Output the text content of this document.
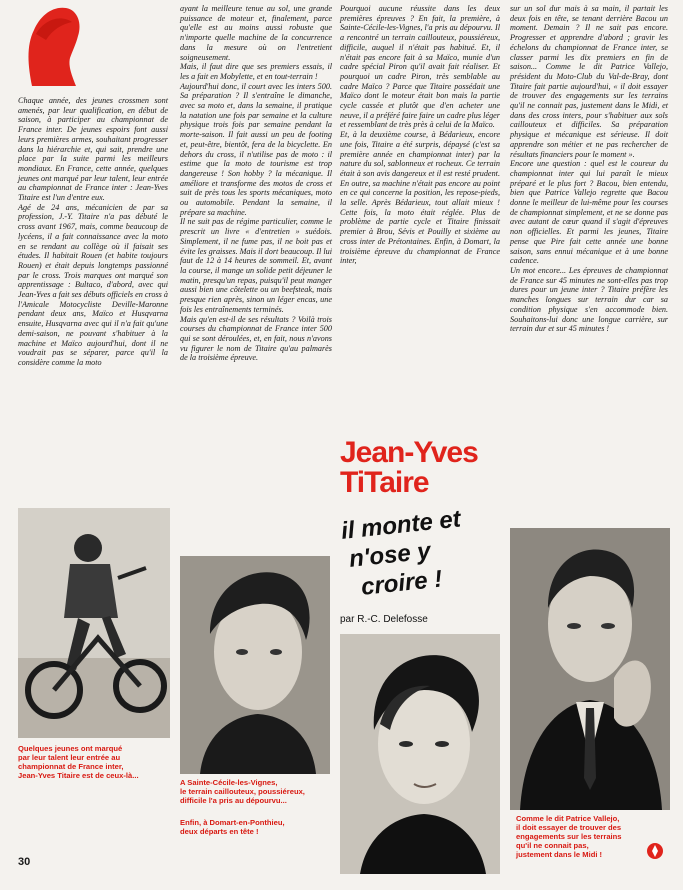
Chaque année, des jeunes crossmen sont amenés, par leur qualification, en début de saison, à participer au championnat de France inter. De jeunes espoirs font aussi leurs premières armes, souhaitant progresser dans la hiérarchie et, qui sait, prendre une place par la suite parmi les meilleurs mondiaux. En France, cette année, quelques jeunes ont marqué par leur talent, leur entrée au championnat de France inter : Jean-Yves Titaire est l'un d'entre eux.
Agé de 24 ans, mécanicien de par sa profession, J.-Y. Titaire n'a pas débuté le cross avant 1967, mais, comme beaucoup de lycéens, il a fait connaissance avec la moto en se rendant au collège où il faisait ses études. Il habitait Rouen (et habite toujours Rouen) et était depuis longtemps passionné par le cross. Trois marques ont marqué son apprentissage : Bultaco, d'abord, avec qui Jean-Yves a fait ses débuts officiels en cross à l'Amicale Motocycliste Deville-Maronne pendant deux ans, Maïco et Husqvarna ensuite, Husqvarna avec qui il n'a fait qu'une demi-saison, ne pouvant s'habituer à la machine et Maïco aujourd'hui, dont il ne voudrait pas se séparer, parce qu'il la considère comme la moto

Quelques jeunes ont marqué
par leur talent leur entrée au
championnat de France inter,
Jean-Yves Titaire est de ceux-là...

ayant la meilleure tenue au sol, une grande puissance de moteur et, finalement, parce qu'elle est au moins aussi robuste que n'importe quelle machine de la concurrence dans la mesure où on l'entretient soigneusement.
Mais, il faut dire que ses premiers essais, il les a fait en Mobylette, et en tout-terrain !
Aujourd'hui donc, il court avec les inters 500. Sa préparation ? Il s'entraîne le dimanche, avec sa moto et, dans la semaine, il pratique la natation une fois par semaine et la culture physique trois fois par semaine pendant la morte-saison. Il fait aussi un peu de footing et, peut-être, bientôt, fera de la bicyclette. En dehors du cross, il n'utilise pas de moto : il estime que la moto de tourisme est trop dangereuse ! Son hobby ? la mécanique. Il améliore et transforme des motos de cross et suit de près tous les sports mécaniques, moto ou automobile. Pendant la semaine, il prépare sa machine.
Il ne suit pas de régime particulier, comme le prescrit un livre « d'entretien » suédois. Simplement, il ne fume pas, il ne boit pas et évite les graisses. Mais il dort beaucoup. Il lui faut de 12 à 14 heures de sommeil. Et, avant la course, il mange un solide petit déjeuner le matin, presqu'un repas, puisqu'il peut manger aussi bien une côtelette ou un beefsteak, mais presque rien après, sinon un léger encas, une fois les entraînements terminés.
Mais qu'en est-il de ses résultats ? Voilà trois courses du championnat de France inter 500 qui se sont déroulées, et, en fait, nous n'avons vu figurer le nom de Titaire qu'au palmarès de la troisième épreuve.

A Sainte-Cécile-les-Vignes,
le terrain caillouteux, poussiéreux,
difficile l'a pris au dépourvu...
Enfin, à Domart-en-Ponthieu,
deux départs en tête !

Pourquoi aucune réussite dans les deux premières épreuves ? En fait, la première, à Sainte-Cécile-les-Vignes, l'a pris au dépourvu. Il a rencontré un terrain caillouteux, poussiéreux, difficile, auquel il n'était pas habitué. Et, il n'était pas encore fait à sa Maïco, munie d'un cadre spécial Piron qu'il avait fait réaliser. Et pourquoi un cadre Piron, très semblable au cadre Maïco ? Parce que Titaire possédait une Maïco dont le moteur était bon mais la partie cycle cassée et plutôt que d'en acheter une neuve, il a préféré faire faire un cadre plus léger et ressemblant de très près à celui de la Maïco.
Et, à la deuxième course, à Bédarieux, encore une fois, Titaire a été surpris, dépaysé (c'est sa première année en championnat inter) par la nature du sol, sablonneux et rocheux. Ce terrain était à son avis dangereux et il est resté prudent. En outre, sa machine n'était pas encore au point en ce qui concerne la position, les repose-pieds, la selle. Après Bédarieux, tout allait mieux ! Cette fois, la moto était réglée. Plus de problème de partie cycle et Titaire finissait premier à Brou, Sévis et Pouilly et sixième au cross inter de Prétontaines. Enfin, à Domart, la troisième épreuve du championnat de France inter,

Jean-Yves
TiTaire
il monte et
n'ose y
croire !
par R.-C. Delefosse

sur un sol dur mais à sa main, il partait les deux fois en tête, se tenant derrière Bacou un moment. Demain ? Il ne sait pas encore. Progresser et apprendre d'abord ; gravir les échelons du championnat de France inter, se classer parmi les dix premiers en fin de saison... Comme le dit Patrice Vallejo, président du Moto-Club du Val-de-Bray, dont Titaire fait partie aujourd'hui, « il doit essayer de trouver des engagements sur les terrains qu'il ne connait pas, justement dans le Midi, et dans des cross inters, pour s'habituer aux sols caillouteux et difficiles. Sa préparation physique et mécanique est sérieuse. Il doit apprendre son métier et ne pas rechercher de résultats financiers pour le moment ».
Encore une question : quel est le coureur du championnat inter qui lui paraît le mieux préparé et le plus fort ? Bacou, bien entendu, bien que Patrice Vallejo regrette que Bacou donne le meilleur de lui-même pour les courses de championnat simplement, et ne se donne pas avec autant de cœur quand il s'agit d'épreuves non officielles. Et parmi les jeunes, Titaire pense que Pire fait cette année une bonne saison, sans ennui mécanique et à une bonne cadence.
Un mot encore... Les épreuves de championnat de France sur 45 minutes ne sont-elles pas trop dures pour un jeune inter ? Titaire préfère les manches longues sur terrain dur car sa condition physique s'en accommode bien. Souhaitons-lui donc une longue carrière, sur terrain dur et sur 45 minutes !

Comme le dit Patrice Vallejo,
il doit essayer de trouver des
engagements sur les terrains
qu'il ne connait pas,
justement dans le Midi !
30
